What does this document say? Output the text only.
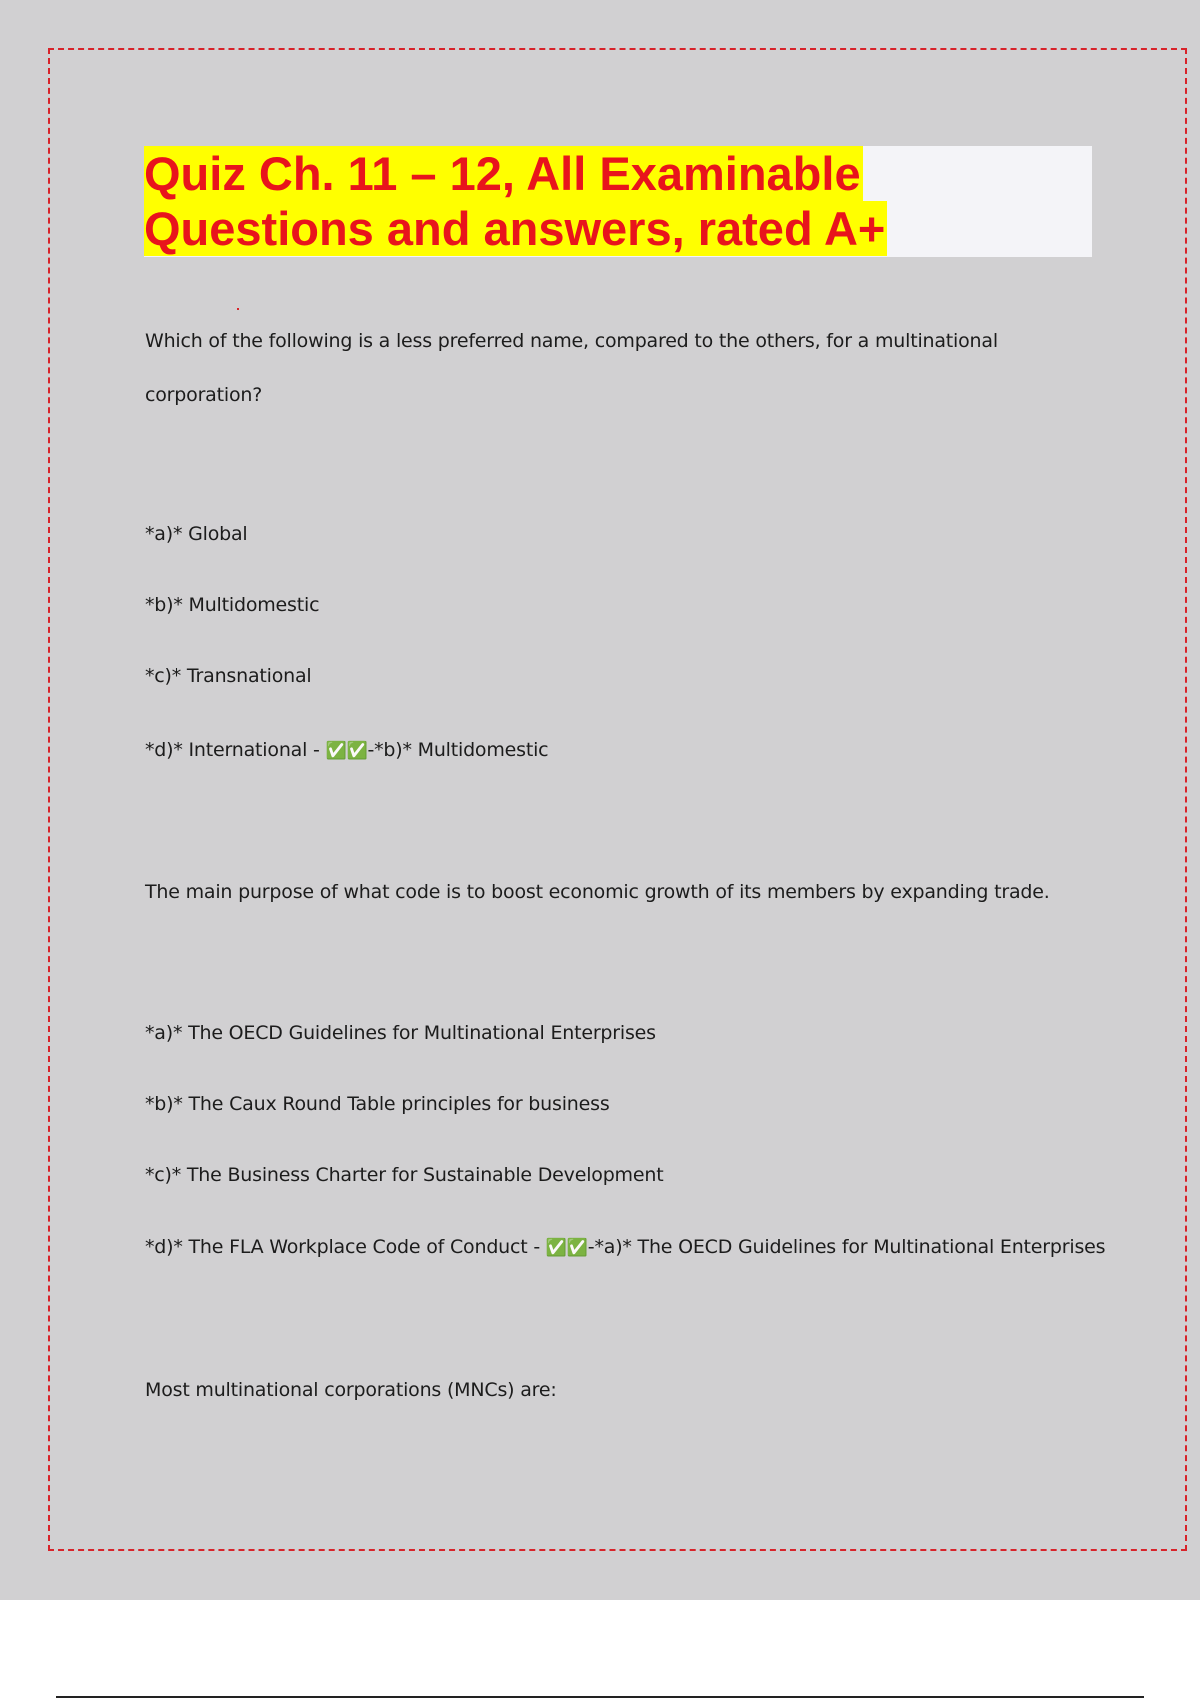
Quiz Ch. 11 – 12, All Examinable
Questions and answers, rated A+
Which of the following is a less preferred name, compared to the others, for a multinational
corporation?
*a)* Global
*b)* Multidomestic
*c)* Transnational
*d)* International - ✅✅-*b)* Multidomestic
The main purpose of what code is to boost economic growth of its members by expanding trade.
*a)* The OECD Guidelines for Multinational Enterprises
*b)* The Caux Round Table principles for business
*c)* The Business Charter for Sustainable Development
*d)* The FLA Workplace Code of Conduct - ✅✅-*a)* The OECD Guidelines for Multinational Enterprises
Most multinational corporations (MNCs) are:
